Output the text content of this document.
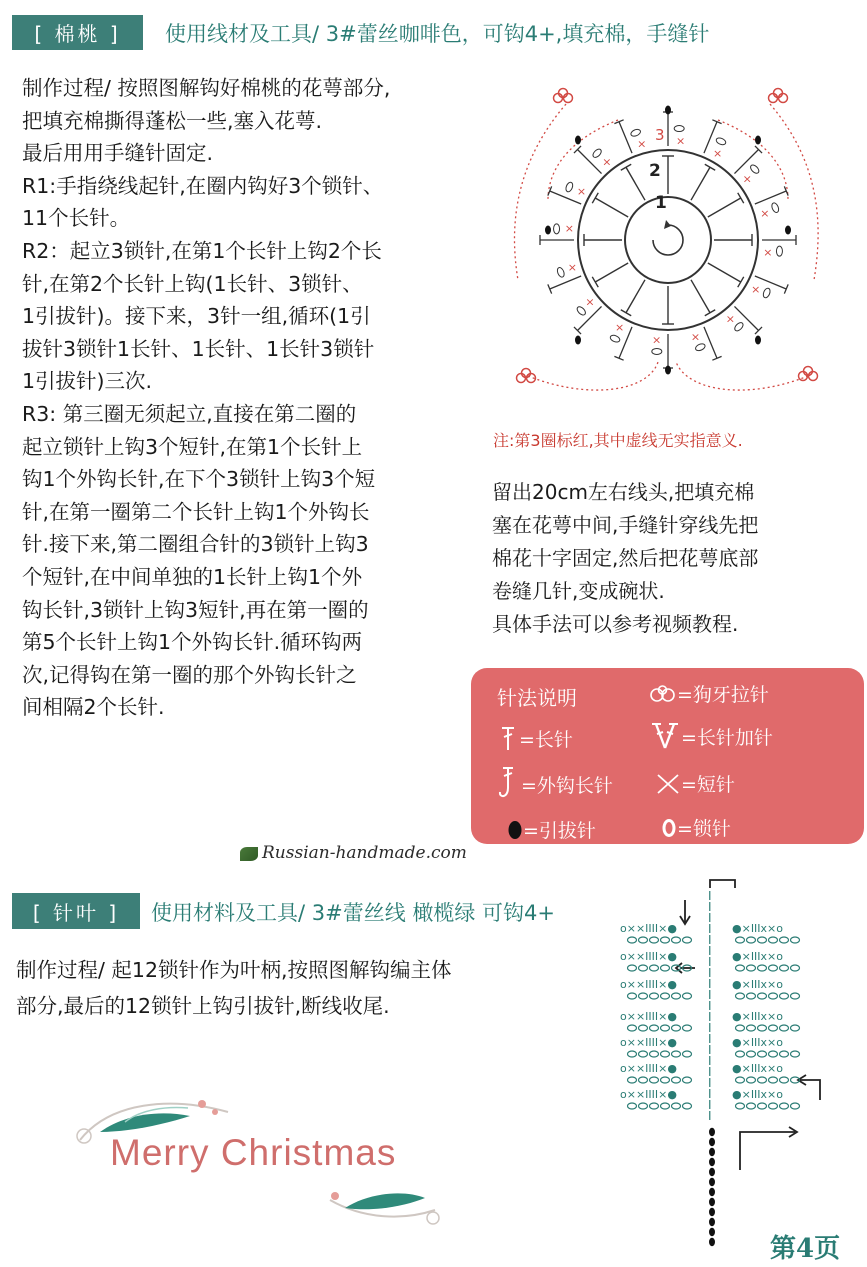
[ 棉桃 ]	使用线材及工具/ 3#蕾丝咖啡色，可钩4+,填充棉，手缝针
制作过程/ 按照图解钩好棉桃的花萼部分,
把填充棉撕得蓬松一些,塞入花萼.
最后用用手缝针固定.
R1:手指绕线起针,在圈内钩好3个锁针、
11个长针。
R2：起立3锁针,在第1个长针上钩2个长
针,在第2个长针上钩(1长针、3锁针、
1引拔针)。接下来，3针一组,循环(1引
拔针3锁针1长针、1长针、1长针3锁针
1引拔针)三次.
R3: 第三圈无须起立,直接在第二圈的
起立锁针上钩3个短针,在第1个长针上
钩1个外钩长针,在下个3锁针上钩3个短
针,在第一圈第二个长针上钩1个外钩长
针.接下来,第二圈组合针的3锁针上钩3
个短针,在中间单独的1长针上钩1个外
钩长针,3锁针上钩3短针,再在第一圈的
第5个长针上钩1个外钩长针.循环钩两
次,记得钩在第一圈的那个外钩长针之
间相隔2个长针.
×
×
×
×
×
×
×
×
×
×
×
×	×
×
×
×
2
1
3
注:第3圈标红,其中虚线无实指意义.
留出20cm左右线头,把填充棉
塞在花萼中间,手缝针穿线先把
棉花十字固定,然后把花萼底部
卷缝几针,变成碗状.
具体手法可以参考视频教程.
针法说明	=狗牙拉针
=长针	=长针加针
=外钩长针	=短针
=引拔针	=锁针
Russian-handmade.com
[ 针叶 ]	使用材料及工具/ 3#蕾丝线 橄榄绿 可钩4+
制作过程/ 起12锁针作为叶柄,按照图解钩编主体
部分,最后的12锁针上钩引拔针,断线收尾.
I
I
I
I
I
I
I
I
I
I
I
I
I
I
I
I
I
I
I
I
I
●×IIIx×o
o××IIII×●
●×IIIx×o
o××IIII×●
●×IIIx×o
o××IIII×●
●×IIIx×o
o××IIII×●
●×IIIx×o
o××IIII×●
●×IIIx×o
o××IIII×●
●×IIIx×o
o××IIII×●
Merry Christmas
第4页
